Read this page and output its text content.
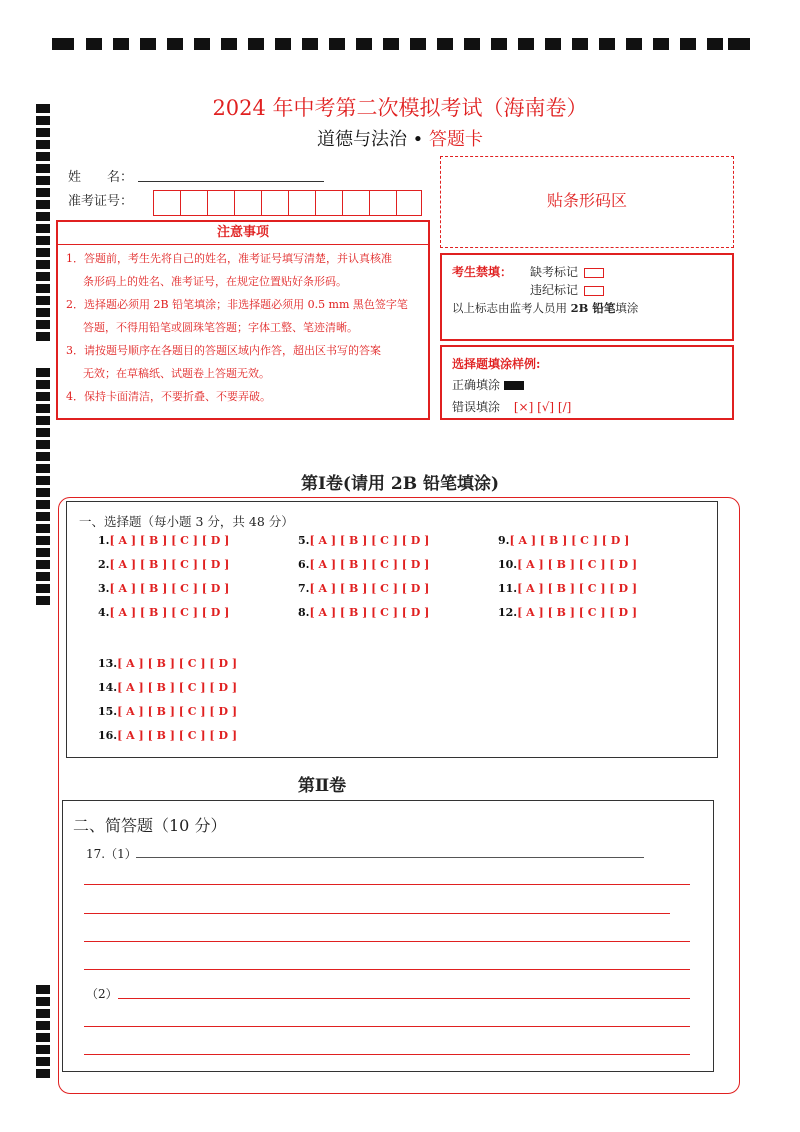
2024 年中考第二次模拟考试（海南卷）
道德与法治 • 答题卡
姓　　名：
准考证号：	贴条形码区
注意事项
1．答题前，考生先将自己的姓名，准考证号填写清楚，并认真核准
条形码上的姓名、准考证号，在规定位置贴好条形码。
2．选择题必须用 2B 铅笔填涂；非选择题必须用 0.5 mm 黑色签字笔
答题，不得用铅笔或圆珠笔答题；字体工整、笔迹清晰。
3．请按题号顺序在各题目的答题区域内作答，超出区书写的答案
无效；在草稿纸、试题卷上答题无效。
4．保持卡面清洁，不要折叠、不要弄破。
考生禁填： 缺考标记
违纪标记
以上标志由监考人员用 2B 铅笔填涂
选择题填涂样例:
正确填涂
错误填涂 [×] [√] [/]
第Ⅰ卷(请用 2B 铅笔填涂)
一、选择题（每小题 3 分，共 48 分）
1.[ A ] [ B ] [ C ] [ D ]
2.[ A ] [ B ] [ C ] [ D ]
3.[ A ] [ B ] [ C ] [ D ]
4.[ A ] [ B ] [ C ] [ D ]
5.[ A ] [ B ] [ C ] [ D ]
6.[ A ] [ B ] [ C ] [ D ]
7.[ A ] [ B ] [ C ] [ D ]
8.[ A ] [ B ] [ C ] [ D ]
9.[ A ] [ B ] [ C ] [ D ]
10.[ A ] [ B ] [ C ] [ D ]
11.[ A ] [ B ] [ C ] [ D ]
12.[ A ] [ B ] [ C ] [ D ]
13.[ A ] [ B ] [ C ] [ D ]
14.[ A ] [ B ] [ C ] [ D ]
15.[ A ] [ B ] [ C ] [ D ]
16.[ A ] [ B ] [ C ] [ D ]
第Ⅱ卷
二、简答题（10 分）
17.（1）
（2）
